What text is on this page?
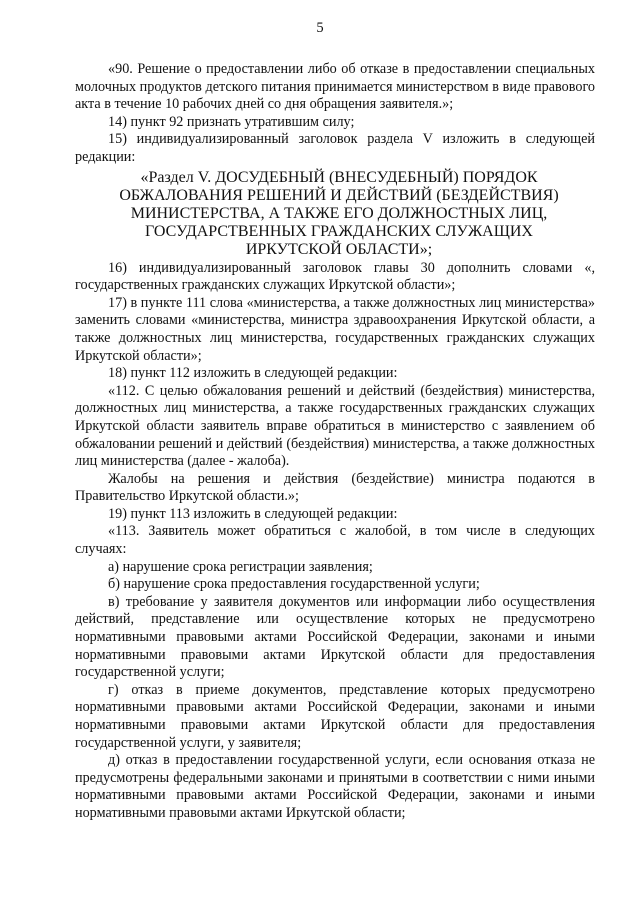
5

«90. Решение о предоставлении либо об отказе в предоставлении специальных молочных продуктов детского питания принимается министерством в виде правового акта в течение 10 рабочих дней со дня обращения заявителя.»;

14) пункт 92 признать утратившим силу;

15) индивидуализированный заголовок раздела V изложить в следующей редакции:

«Раздел V. ДОСУДЕБНЫЙ (ВНЕСУДЕБНЫЙ) ПОРЯДОК ОБЖАЛОВАНИЯ РЕШЕНИЙ И ДЕЙСТВИЙ (БЕЗДЕЙСТВИЯ) МИНИСТЕРСТВА, А ТАКЖЕ ЕГО ДОЛЖНОСТНЫХ ЛИЦ, ГОСУДАРСТВЕННЫХ ГРАЖДАНСКИХ СЛУЖАЩИХ ИРКУТСКОЙ ОБЛАСТИ»;

16) индивидуализированный заголовок главы 30 дополнить словами «, государственных гражданских служащих Иркутской области»;

17) в пункте 111 слова «министерства, а также должностных лиц министерства» заменить словами «министерства, министра здравоохранения Иркутской области, а также должностных лиц министерства, государственных гражданских служащих Иркутской области»;

18) пункт 112 изложить в следующей редакции:

«112. С целью обжалования решений и действий (бездействия) министерства, должностных лиц министерства, а также государственных гражданских служащих Иркутской области заявитель вправе обратиться в министерство с заявлением об обжаловании решений и действий (бездействия) министерства, а также должностных лиц министерства (далее - жалоба).

Жалобы на решения и действия (бездействие) министра подаются в Правительство Иркутской области.»;

19) пункт 113 изложить в следующей редакции:

«113. Заявитель может обратиться с жалобой, в том числе в следующих случаях:

а) нарушение срока регистрации заявления;

б) нарушение срока предоставления государственной услуги;

в) требование у заявителя документов или информации либо осуществления действий, представление или осуществление которых не предусмотрено нормативными правовыми актами Российской Федерации, законами и иными нормативными правовыми актами Иркутской области для предоставления государственной услуги;

г) отказ в приеме документов, представление которых предусмотрено нормативными правовыми актами Российской Федерации, законами и иными нормативными правовыми актами Иркутской области для предоставления государственной услуги, у заявителя;

д) отказ в предоставлении государственной услуги, если основания отказа не предусмотрены федеральными законами и принятыми в соответствии с ними иными нормативными правовыми актами Российской Федерации, законами и иными нормативными правовыми актами Иркутской области;
